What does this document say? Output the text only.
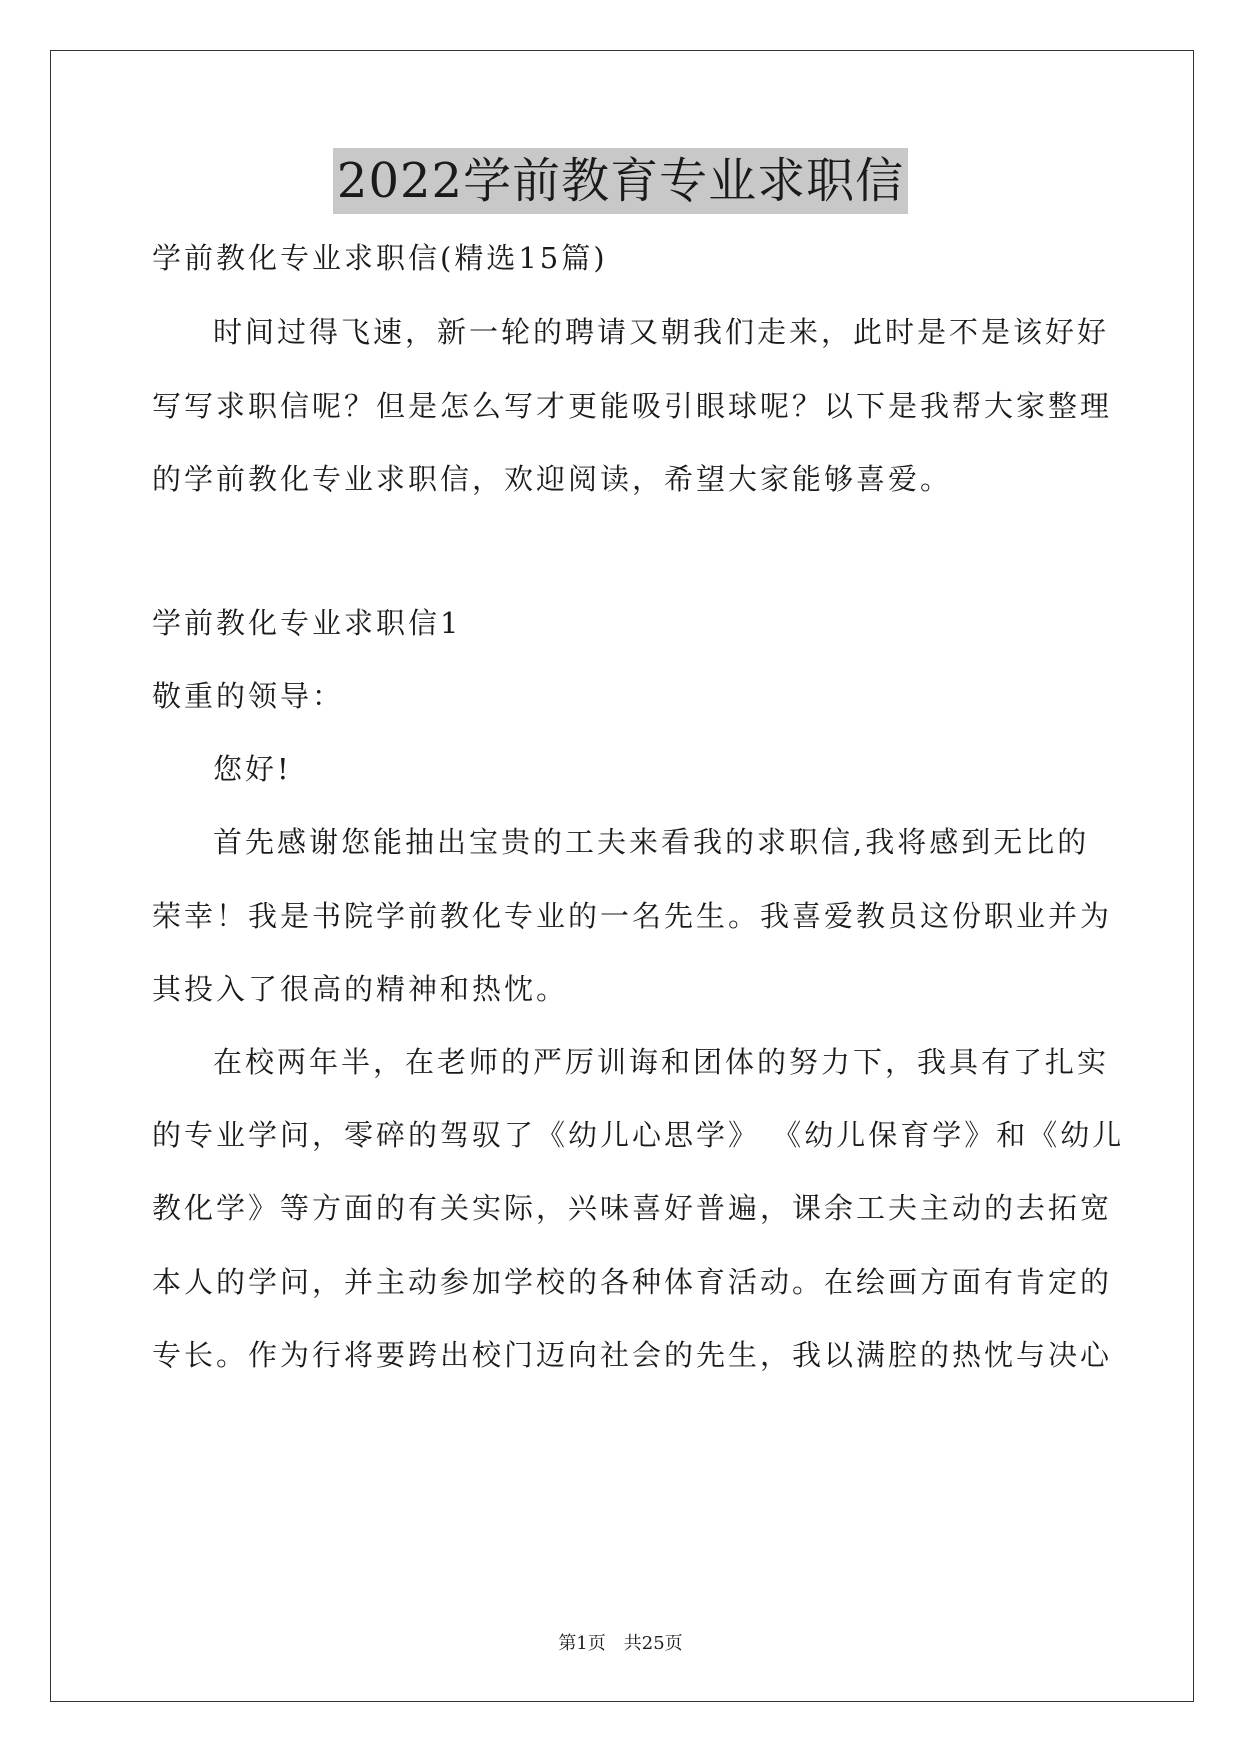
2022学前教育专业求职信
学前教化专业求职信(精选15篇)
时间过得飞速，新一轮的聘请又朝我们走来，此时是不是该好好
写写求职信呢？但是怎么写才更能吸引眼球呢？以下是我帮大家整理
的学前教化专业求职信，欢迎阅读，希望大家能够喜爱。
学前教化专业求职信1
敬重的领导：
您好!
首先感谢您能抽出宝贵的工夫来看我的求职信,我将感到无比的
荣幸！我是书院学前教化专业的一名先生。我喜爱教员这份职业并为
其投入了很高的精神和热忱。
在校两年半，在老师的严厉训诲和团体的努力下，我具有了扎实
的专业学问，零碎的驾驭了《幼儿心思学》 《幼儿保育学》和《幼儿
教化学》等方面的有关实际，兴味喜好普遍，课余工夫主动的去拓宽
本人的学问，并主动参加学校的各种体育活动。在绘画方面有肯定的
专长。作为行将要跨出校门迈向社会的先生，我以满腔的热忱与决心
第1页　共25页
